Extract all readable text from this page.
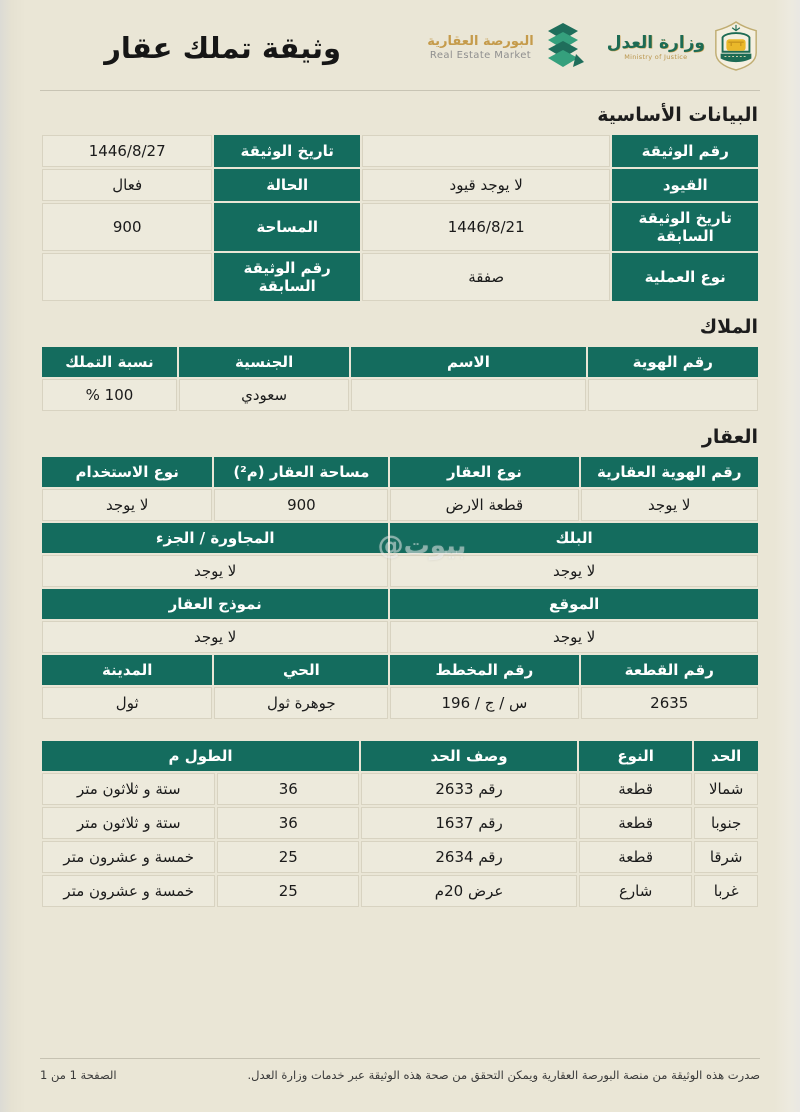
بيوت@
وثيقة تملك عقار	البورصة العقارية
Real Estate Market
وزارة العدل
Ministry of Justice
البيانات الأساسية
رقم الوثيقة		تاريخ الوثيقة	1446/8/27
القيود	لا يوجد قيود	الحالة	فعال
تاريخ الوثيقة السابقة	1446/8/21	المساحة	900
نوع العملية	صفقة	رقم الوثيقة السابقة	
الملاك
رقم الهوية	الاسم	الجنسية	نسبة التملك
		سعودي	% 100
العقار
رقم الهوية العقارية	نوع العقار	مساحة العقار (م²)	نوع الاستخدام
لا يوجد	قطعة الارض	900	لا يوجد
البلك		المجاورة / الجزء	
لا يوجد		لا يوجد	
الموقع		نموذج العقار	
لا يوجد		لا يوجد	
رقم القطعة	رقم المخطط	الحي	المدينة
2635	س / ج / 196	جوهرة ثول	ثول
الحد	النوع	وصف الحد	الطول م	
شمالا	قطعة	رقم 2633	36	ستة و ثلاثون متر
جنوبا	قطعة	رقم 1637	36	ستة و ثلاثون متر
شرقا	قطعة	رقم 2634	25	خمسة و عشرون متر
غربا	شارع	عرض 20م	25	خمسة و عشرون متر
صدرت هذه الوثيقة من منصة البورصة العقارية ويمكن التحقق من صحة هذه الوثيقة عبر خدمات وزارة العدل.
الصفحة 1 من 1
